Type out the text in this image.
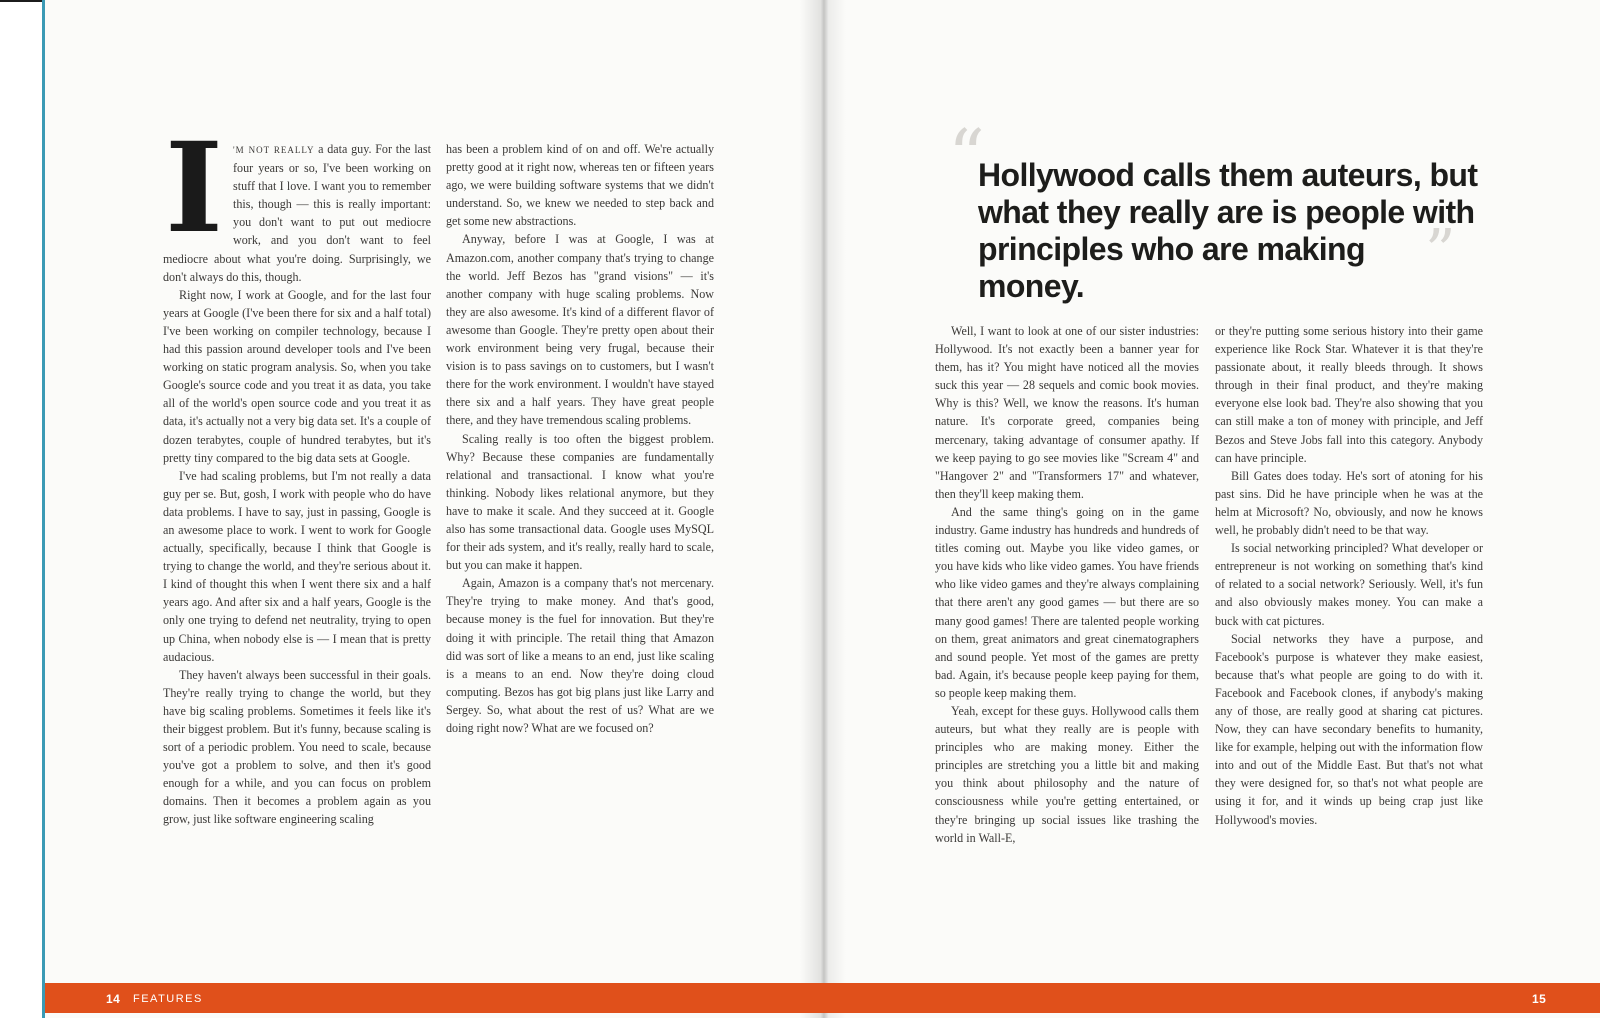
I 'M NOT REALLY a data guy. For the last four years or so, I've been working on stuff that I love. I want you to remember this, though — this is really important: you don't want to put out mediocre work, and you don't want to feel mediocre about what you're doing. Surprisingly, we don't always do this, though.

Right now, I work at Google, and for the last four years at Google (I've been there for six and a half total) I've been working on compiler technology, because I had this passion around developer tools and I've been working on static program analysis. So, when you take Google's source code and you treat it as data, you take all of the world's open source code and you treat it as data, it's actually not a very big data set. It's a couple of dozen terabytes, couple of hundred terabytes, but it's pretty tiny compared to the big data sets at Google.

I've had scaling problems, but I'm not really a data guy per se. But, gosh, I work with people who do have data problems. I have to say, just in passing, Google is an awesome place to work. I went to work for Google actually, specifically, because I think that Google is trying to change the world, and they're serious about it. I kind of thought this when I went there six and a half years ago. And after six and a half years, Google is the only one trying to defend net neutrality, trying to open up China, when nobody else is — I mean that is pretty audacious.

They haven't always been successful in their goals. They're really trying to change the world, but they have big scaling problems. Sometimes it feels like it's their biggest problem. But it's funny, because scaling is sort of a periodic problem. You need to scale, because you've got a problem to solve, and then it's good enough for a while, and you can focus on problem domains. Then it becomes a problem again as you grow, just like software engineering scaling

has been a problem kind of on and off. We're actually pretty good at it right now, whereas ten or fifteen years ago, we were building software systems that we didn't understand. So, we knew we needed to step back and get some new abstractions.

Anyway, before I was at Google, I was at Amazon.com, another company that's trying to change the world. Jeff Bezos has "grand visions" — it's another company with huge scaling problems. Now they are also awesome. It's kind of a different flavor of awesome than Google. They're pretty open about their work environment being very frugal, because their vision is to pass savings on to customers, but I wasn't there for the work environment. I wouldn't have stayed there six and a half years. They have great people there, and they have tremendous scaling problems.

Scaling really is too often the biggest problem. Why? Because these companies are fundamentally relational and transactional. I know what you're thinking. Nobody likes relational anymore, but they have to make it scale. And they succeed at it. Google also has some transactional data. Google uses MySQL for their ads system, and it's really, really hard to scale, but you can make it happen.

Again, Amazon is a company that's not mercenary. They're trying to make money. And that's good, because money is the fuel for innovation. But they're doing it with principle. The retail thing that Amazon did was sort of like a means to an end, just like scaling is a means to an end. Now they're doing cloud computing. Bezos has got big plans just like Larry and Sergey. So, what about the rest of us? What are we doing right now? What are we focused on?

“
Hollywood calls them auteurs, but what they really are is people with principles who are making money.	”

Well, I want to look at one of our sister industries: Hollywood. It's not exactly been a banner year for them, has it? You might have noticed all the movies suck this year — 28 sequels and comic book movies. Why is this? Well, we know the reasons. It's human nature. It's corporate greed, companies being mercenary, taking advantage of consumer apathy. If we keep paying to go see movies like "Scream 4" and "Hangover 2" and "Transformers 17" and whatever, then they'll keep making them.

And the same thing's going on in the game industry. Game industry has hundreds and hundreds of titles coming out. Maybe you like video games, or you have kids who like video games. You have friends who like video games and they're always complaining that there aren't any good games — but there are so many good games! There are talented people working on them, great animators and great cinematographers and sound people. Yet most of the games are pretty bad. Again, it's because people keep paying for them, so people keep making them.

Yeah, except for these guys. Hollywood calls them auteurs, but what they really are is people with principles who are making money. Either the principles are stretching you a little bit and making you think about philosophy and the nature of consciousness while you're getting entertained, or they're bringing up social issues like trashing the world in Wall-E,

or they're putting some serious history into their game experience like Rock Star. Whatever it is that they're passionate about, it really bleeds through. It shows through in their final product, and they're making everyone else look bad. They're also showing that you can still make a ton of money with principle, and Jeff Bezos and Steve Jobs fall into this category. Anybody can have principle.

Bill Gates does today. He's sort of atoning for his past sins. Did he have principle when he was at the helm at Microsoft? No, obviously, and now he knows well, he probably didn't need to be that way.

Is social networking principled? What developer or entrepreneur is not working on something that's kind of related to a social network? Seriously. Well, it's fun and also obviously makes money. You can make a buck with cat pictures.

Social networks they have a purpose, and Facebook's purpose is whatever they make easiest, because that's what people are going to do with it. Facebook and Facebook clones, if anybody's making any of those, are really good at sharing cat pictures. Now, they can have secondary benefits to humanity, like for example, helping out with the information flow into and out of the Middle East. But that's not what they were designed for, so that's not what people are using it for, and it winds up being crap just like Hollywood's movies.

14 FEATURES	15
